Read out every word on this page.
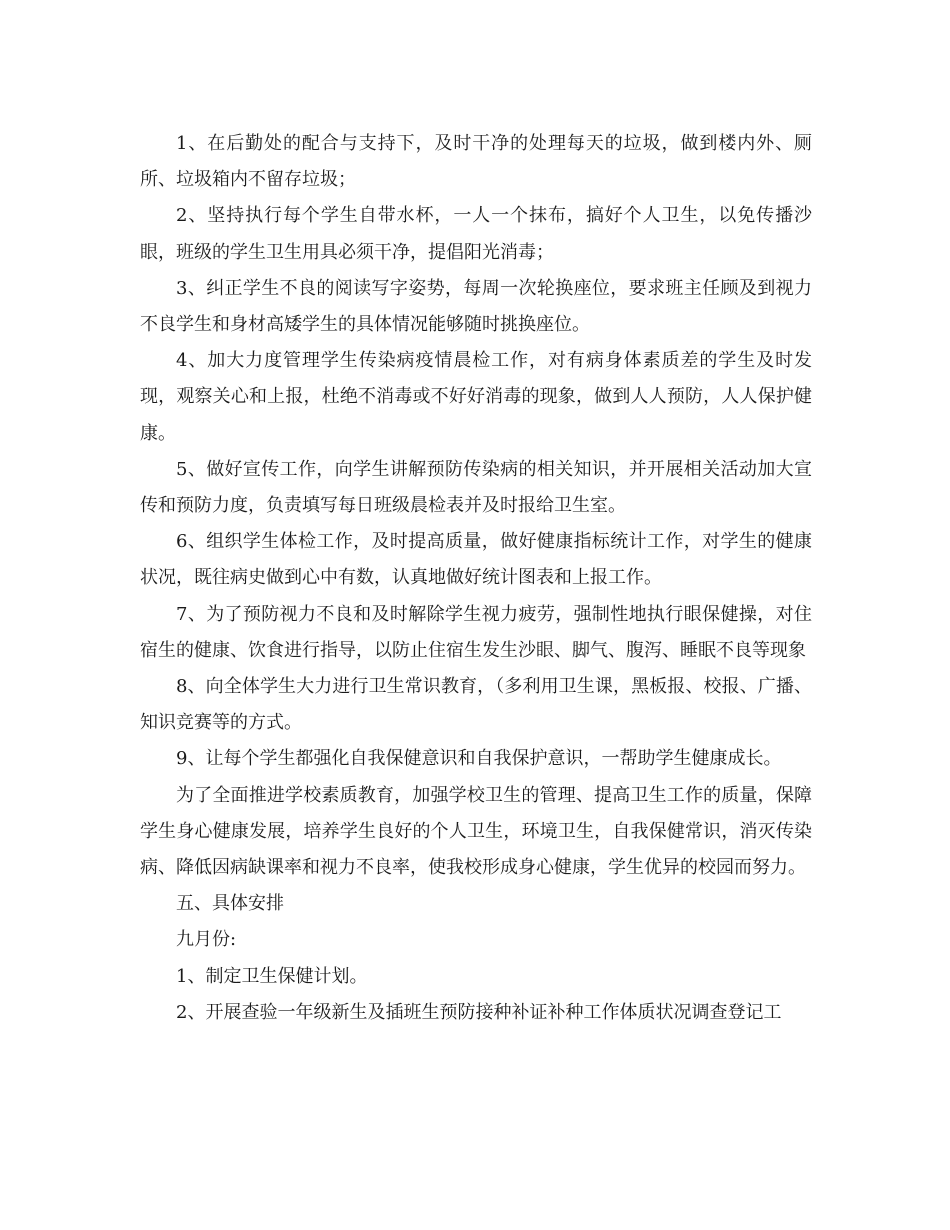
1、在后勤处的配合与支持下，及时干净的处理每天的垃圾，做到楼内外、厕所、垃圾箱内不留存垃圾；

2、坚持执行每个学生自带水杯，一人一个抹布，搞好个人卫生，以免传播沙眼，班级的学生卫生用具必须干净，提倡阳光消毒；

3、纠正学生不良的阅读写字姿势，每周一次轮换座位，要求班主任顾及到视力不良学生和身材高矮学生的具体情况能够随时挑换座位。

4、加大力度管理学生传染病疫情晨检工作，对有病身体素质差的学生及时发现，观察关心和上报，杜绝不消毒或不好好消毒的现象，做到人人预防，人人保护健康。

5、做好宣传工作，向学生讲解预防传染病的相关知识，并开展相关活动加大宣传和预防力度，负责填写每日班级晨检表并及时报给卫生室。

6、组织学生体检工作，及时提高质量，做好健康指标统计工作，对学生的健康状况，既往病史做到心中有数，认真地做好统计图表和上报工作。

7、为了预防视力不良和及时解除学生视力疲劳，强制性地执行眼保健操，对住宿生的健康、饮食进行指导，以防止住宿生发生沙眼、脚气、腹泻、睡眠不良等现象

8、向全体学生大力进行卫生常识教育，（多利用卫生课，黑板报、校报、广播、知识竞赛等的方式。

9、让每个学生都强化自我保健意识和自我保护意识，一帮助学生健康成长。

为了全面推进学校素质教育，加强学校卫生的管理、提高卫生工作的质量，保障学生身心健康发展，培养学生良好的个人卫生，环境卫生，自我保健常识，消灭传染病、降低因病缺课率和视力不良率，使我校形成身心健康，学生优异的校园而努力。

五、具体安排

九月份:

1、制定卫生保健计划。

2、开展查验一年级新生及插班生预防接种补证补种工作体质状况调查登记工
